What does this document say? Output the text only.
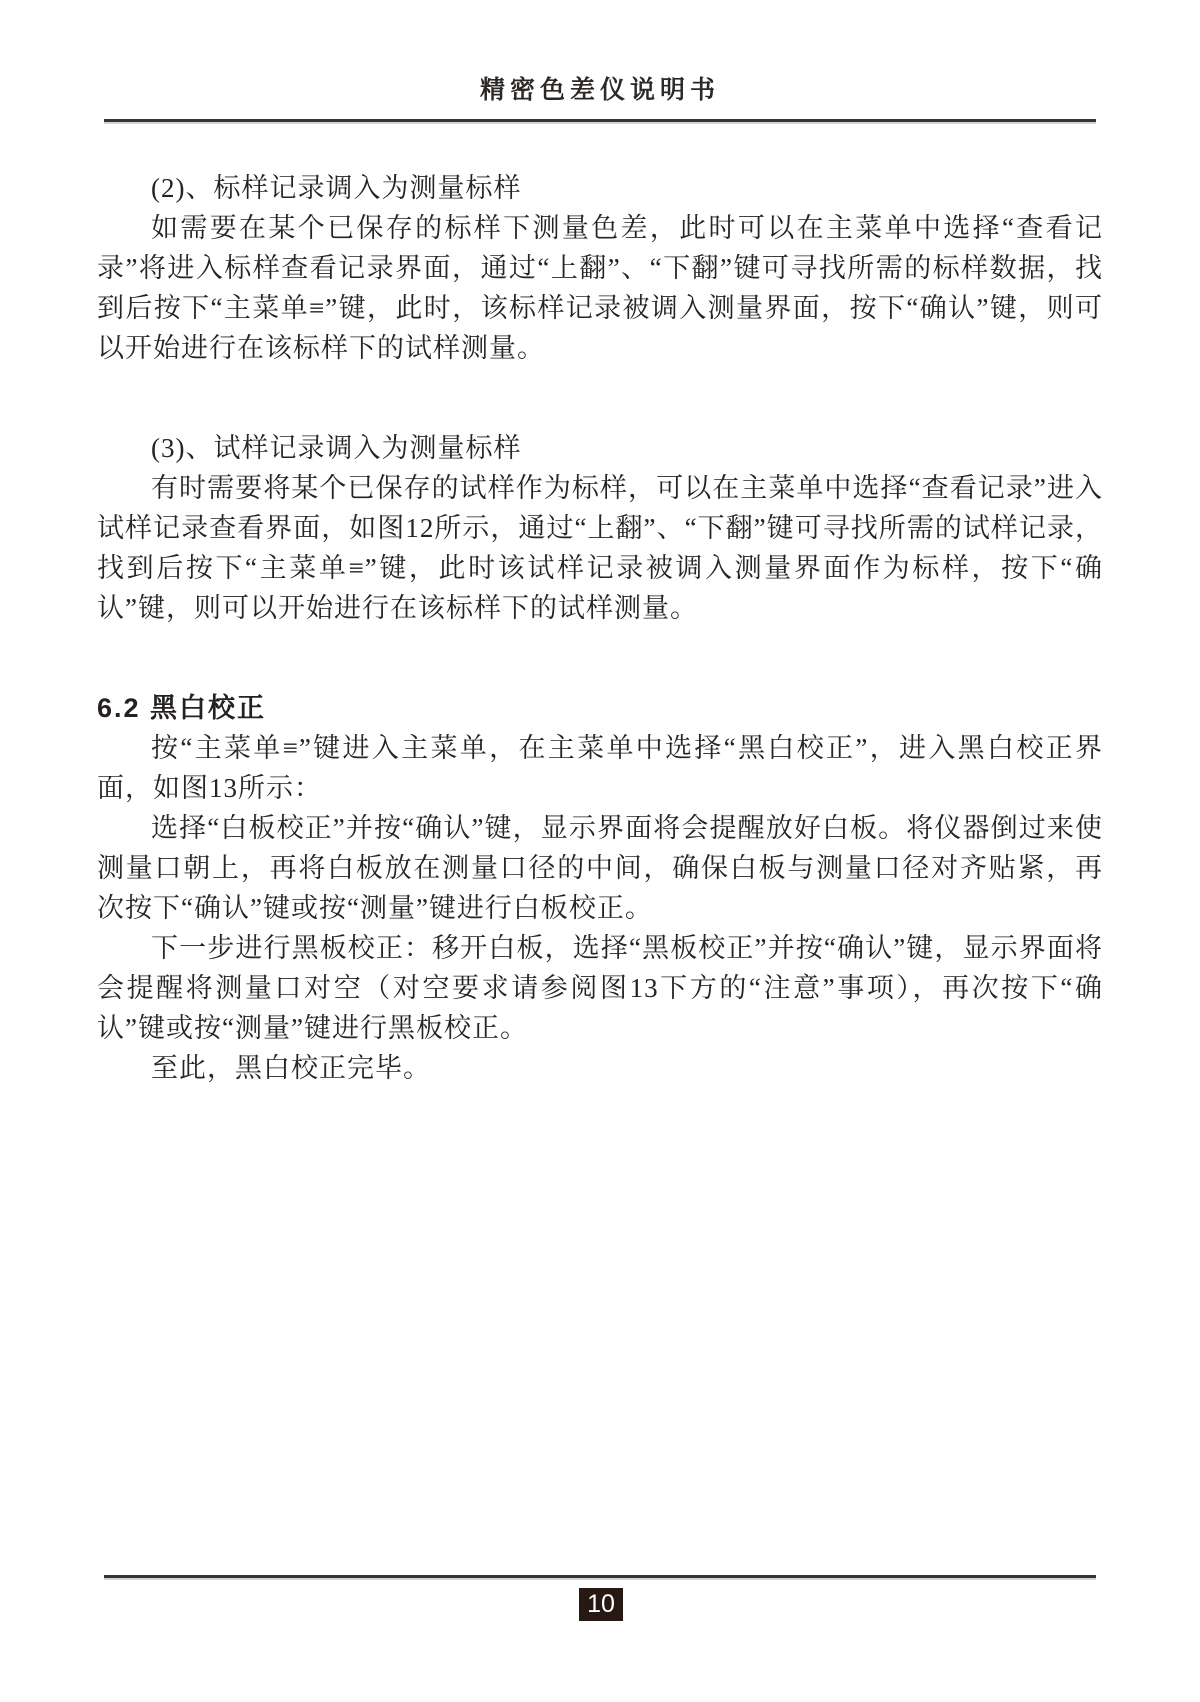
精密色差仪说明书

(2)、标样记录调入为测量标样

如需要在某个已保存的标样下测量色差，此时可以在主菜单中选择“查看记录”将进入标样查看记录界面，通过“上翻”、“下翻”键可寻找所需的标样数据，找到后按下“主菜单≡”键，此时，该标样记录被调入测量界面，按下“确认”键，则可以开始进行在该标样下的试样测量。

(3)、试样记录调入为测量标样

有时需要将某个已保存的试样作为标样，可以在主菜单中选择“查看记录”进入试样记录查看界面，如图12所示，通过“上翻”、“下翻”键可寻找所需的试样记录，找到后按下“主菜单≡”键，此时该试样记录被调入测量界面作为标样，按下“确认”键，则可以开始进行在该标样下的试样测量。

6.2 黑白校正

按“主菜单≡”键进入主菜单，在主菜单中选择“黑白校正”，进入黑白校正界面，如图13所示：

选择“白板校正”并按“确认”键，显示界面将会提醒放好白板。将仪器倒过来使测量口朝上，再将白板放在测量口径的中间，确保白板与测量口径对齐贴紧，再次按下“确认”键或按“测量”键进行白板校正。

下一步进行黑板校正：移开白板，选择“黑板校正”并按“确认”键，显示界面将会提醒将测量口对空（对空要求请参阅图13下方的“注意”事项），再次按下“确认”键或按“测量”键进行黑板校正。

至此，黑白校正完毕。

10
